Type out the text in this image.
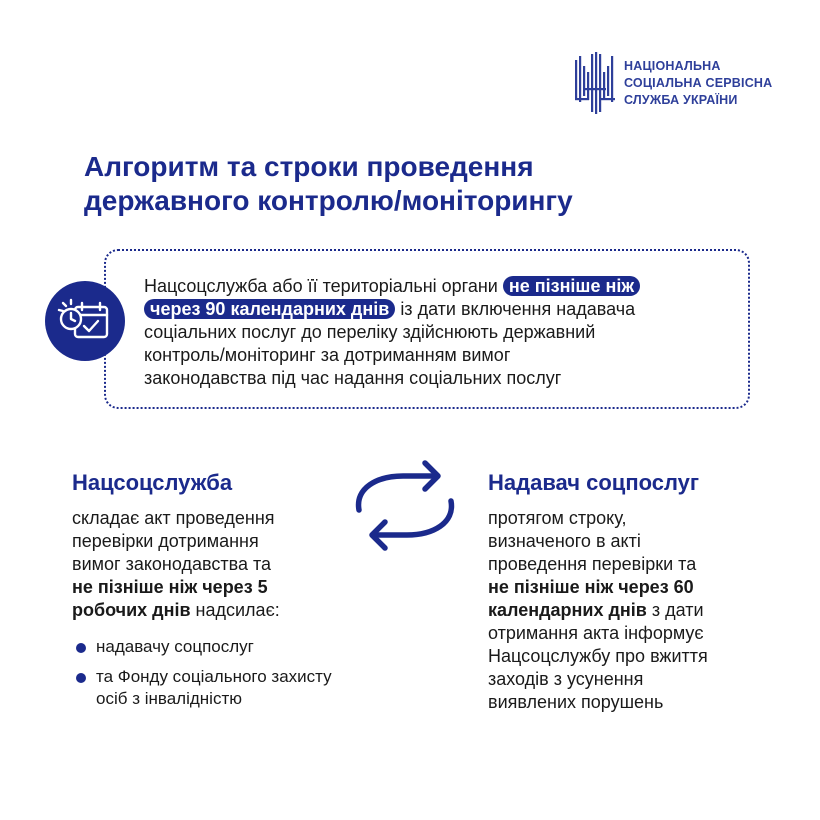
НАЦІОНАЛЬНА
СОЦІАЛЬНА СЕРВІСНА
СЛУЖБА УКРАЇНИ
Алгоритм та строки проведення
державного контролю/моніторингу
Нацсоцслужба або її територіальні органи не пізніше ніж
через 90 календарних днів із дати включення надавача
соціальних послуг до переліку здійснюють державний
контроль/моніторинг за дотриманням вимог
законодавства під час надання соціальних послуг
Нацсоцслужба
складає акт проведення
перевірки дотримання
вимог законодавства та
не пізніше ніж через 5
робочих днів надсилає:
надавачу соцпослуг
та Фонду соціального захисту
осіб з інвалідністю
Надавач соцпослуг
протягом строку,
визначеного в акті
проведення перевірки та
не пізніше ніж через 60
календарних днів з дати
отримання акта інформує
Нацсоцслужбу про вжиття
заходів з усунення
виявлених порушень
